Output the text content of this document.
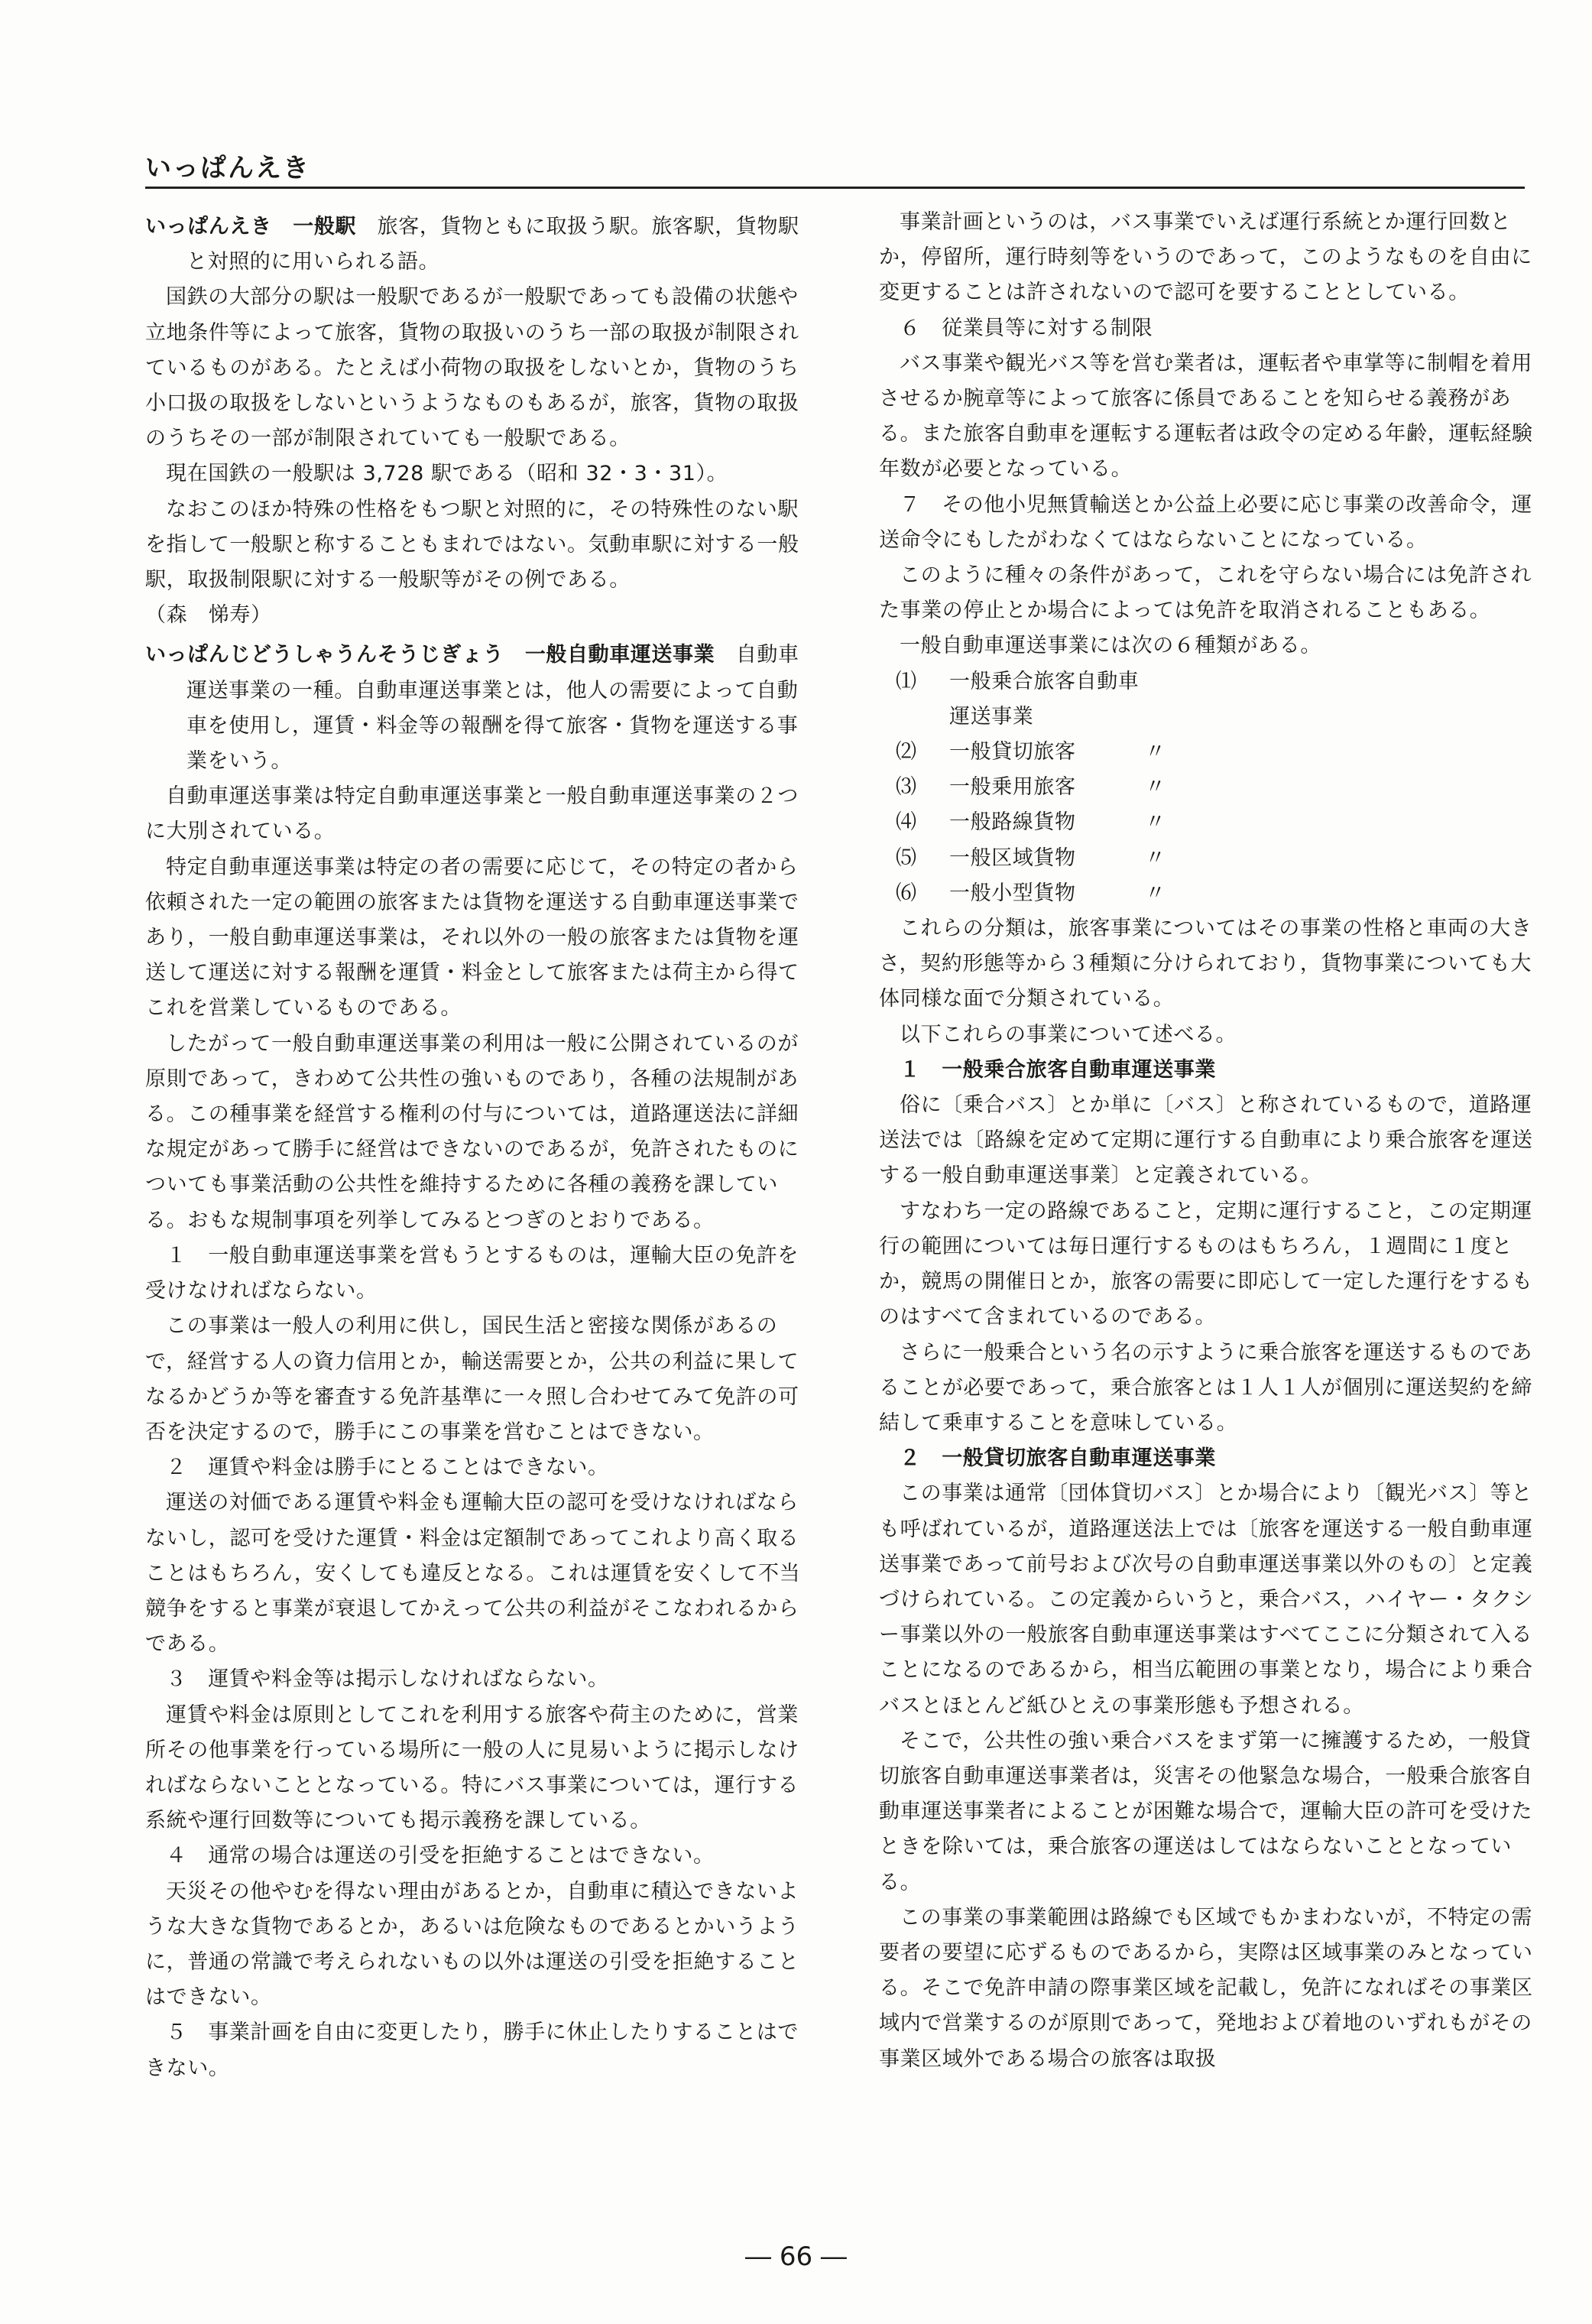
いっぱんえき

いっぱんえき　 一般駅　 旅客，貨物ともに取扱う駅。旅客駅，貨物駅と対照的に用いられる語。

国鉄の大部分の駅は一般駅であるが一般駅であっても設備の状態や立地条件等によって旅客，貨物の取扱いのうち一部の取扱が制限されているものがある。たとえば小荷物の取扱をしないとか，貨物のうち小口扱の取扱をしないというようなものもあるが，旅客，貨物の取扱のうちその一部が制限されていても一般駅である。

現在国鉄の一般駅は 3,728 駅である（昭和 32・3・31）。

なおこのほか特殊の性格をもつ駅と対照的に，その特殊性のない駅を指して一般駅と称することもまれではない。気動車駅に対する一般駅，取扱制限駅に対する一般駅等がその例である。

（森　悌寿）

いっぱんじどうしゃうんそうじぎょう　 一般自動車運送事業　 自動車運送事業の一種。自動車運送事業とは，他人の需要によって自動車を使用し，運賃・料金等の報酬を得て旅客・貨物を運送する事業をいう。

自動車運送事業は特定自動車運送事業と一般自動車運送事業の２つに大別されている。

特定自動車運送事業は特定の者の需要に応じて，その特定の者から依頼された一定の範囲の旅客または貨物を運送する自動車運送事業であり，一般自動車運送事業は，それ以外の一般の旅客または貨物を運送して運送に対する報酬を運賃・料金として旅客または荷主から得てこれを営業しているものである。

したがって一般自動車運送事業の利用は一般に公開されているのが原則であって，きわめて公共性の強いものであり，各種の法規制がある。この種事業を経営する権利の付与については，道路運送法に詳細な規定があって勝手に経営はできないのであるが，免許されたものについても事業活動の公共性を維持するために各種の義務を課している。おもな規制事項を列挙してみるとつぎのとおりである。

１　一般自動車運送事業を営もうとするものは，運輸大臣の免許を受けなければならない。

この事業は一般人の利用に供し，国民生活と密接な関係があるので，経営する人の資力信用とか，輸送需要とか，公共の利益に果してなるかどうか等を審査する免許基準に一々照し合わせてみて免許の可否を決定するので，勝手にこの事業を営むことはできない。

２　運賃や料金は勝手にとることはできない。

運送の対価である運賃や料金も運輸大臣の認可を受けなければならないし，認可を受けた運賃・料金は定額制であってこれより高く取ることはもちろん，安くしても違反となる。これは運賃を安くして不当競争をすると事業が衰退してかえって公共の利益がそこなわれるからである。

３　運賃や料金等は掲示しなければならない。

運賃や料金は原則としてこれを利用する旅客や荷主のために，営業所その他事業を行っている場所に一般の人に見易いように掲示しなければならないこととなっている。特にバス事業については，運行する系統や運行回数等についても掲示義務を課している。

４　通常の場合は運送の引受を拒絶することはできない。

天災その他やむを得ない理由があるとか，自動車に積込できないような大きな貨物であるとか，あるいは危険なものであるとかいうように，普通の常識で考えられないもの以外は運送の引受を拒絶することはできない。

５　事業計画を自由に変更したり，勝手に休止したりすることはできない。

事業計画というのは，バス事業でいえば運行系統とか運行回数とか，停留所，運行時刻等をいうのであって，このようなものを自由に変更することは許されないので認可を要することとしている。

６　従業員等に対する制限

バス事業や観光バス等を営む業者は，運転者や車掌等に制帽を着用させるか腕章等によって旅客に係員であることを知らせる義務がある。また旅客自動車を運転する運転者は政令の定める年齢，運転経験年数が必要となっている。

７　その他小児無賃輸送とか公益上必要に応じ事業の改善命令，運送命令にもしたがわなくてはならないことになっている。

このように種々の条件があって，これを守らない場合には免許された事業の停止とか場合によっては免許を取消されることもある。

一般自動車運送事業には次の６種類がある。

⑴	一般乗合旅客自動車運送事業
⑵	一般貸切旅客	〃
⑶	一般乗用旅客	〃
⑷	一般路線貨物	〃
⑸	一般区域貨物	〃
⑹	一般小型貨物	〃

これらの分類は，旅客事業についてはその事業の性格と車両の大きさ，契約形態等から３種類に分けられており，貨物事業についても大体同様な面で分類されている。

以下これらの事業について述べる。

１　一般乗合旅客自動車運送事業

俗に〔乗合バス〕とか単に〔バス〕と称されているもので，道路運送法では〔路線を定めて定期に運行する自動車により乗合旅客を運送する一般自動車運送事業〕と定義されている。

すなわち一定の路線であること，定期に運行すること，この定期運行の範囲については毎日運行するものはもちろん，１週間に１度とか，競馬の開催日とか，旅客の需要に即応して一定した運行をするものはすべて含まれているのである。

さらに一般乗合という名の示すように乗合旅客を運送するものであることが必要であって，乗合旅客とは１人１人が個別に運送契約を締結して乗車することを意味している。

２　一般貸切旅客自動車運送事業

この事業は通常〔団体貸切バス〕とか場合により〔観光バス〕等とも呼ばれているが，道路運送法上では〔旅客を運送する一般自動車運送事業であって前号および次号の自動車運送事業以外のもの〕と定義づけられている。この定義からいうと，乗合バス，ハイヤー・タクシー事業以外の一般旅客自動車運送事業はすべてここに分類されて入ることになるのであるから，相当広範囲の事業となり，場合により乗合バスとほとんど紙ひとえの事業形態も予想される。

そこで，公共性の強い乗合バスをまず第一に擁護するため，一般貸切旅客自動車運送事業者は，災害その他緊急な場合，一般乗合旅客自動車運送事業者によることが困難な場合で，運輸大臣の許可を受けたときを除いては，乗合旅客の運送はしてはならないこととなっている。

この事業の事業範囲は路線でも区域でもかまわないが，不特定の需要者の要望に応ずるものであるから，実際は区域事業のみとなっている。そこで免許申請の際事業区域を記載し，免許になればその事業区域内で営業するのが原則であって，発地および着地のいずれもがその事業区域外である場合の旅客は取扱

― 66 ―
